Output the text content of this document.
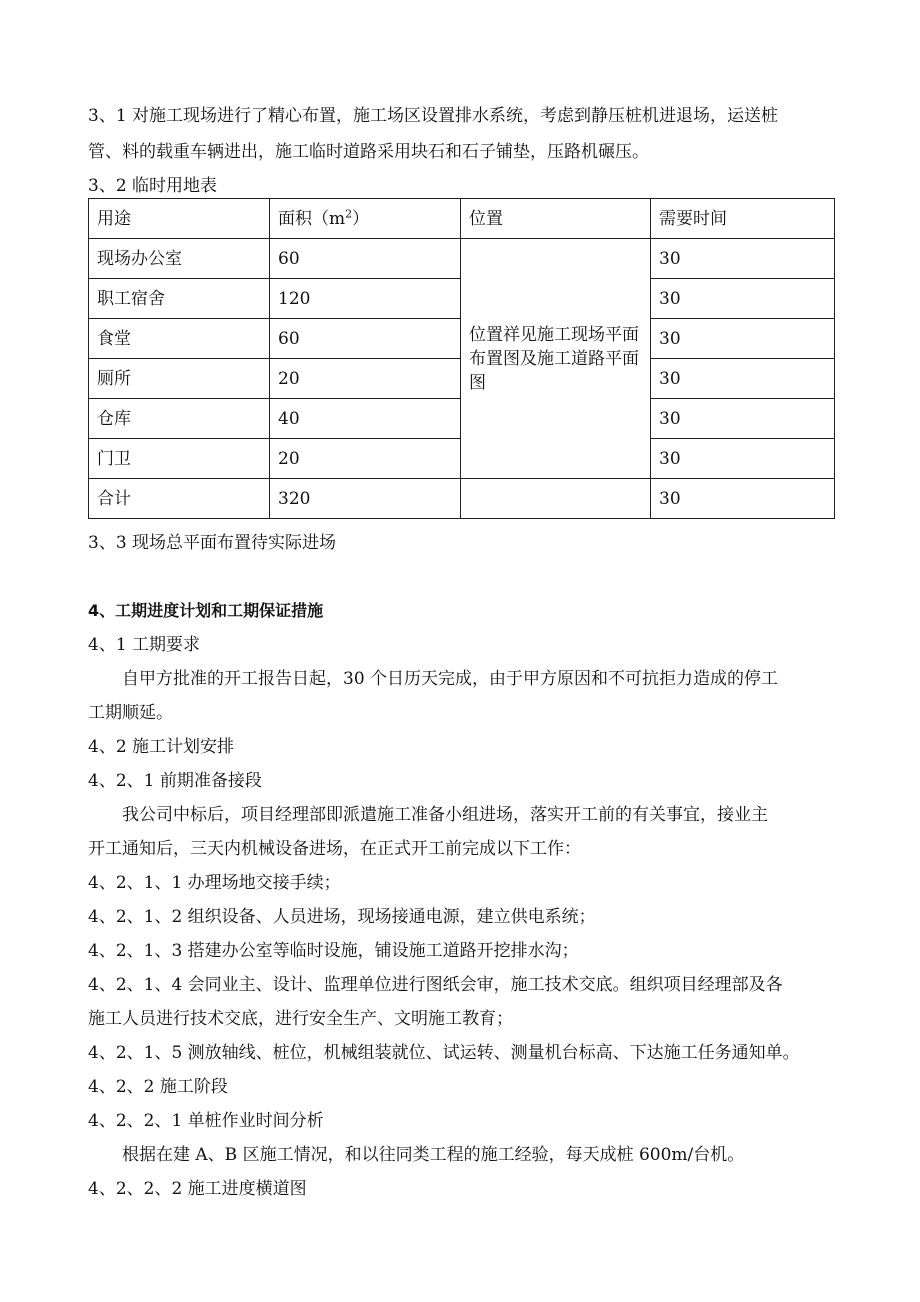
3、1 对施工现场进行了精心布置，施工场区设置排水系统，考虑到静压桩机进退场，运送桩

管、料的载重车辆进出，施工临时道路采用块石和石子铺垫，压路机碾压。

3、2 临时用地表

用途	面积$(m^2)$	位置	需要时间
现场办公室	60	位置祥见施工现场平面布置图及施工道路平面图	30
职工宿舍	120		30
食堂	60		30
厕所	20		30
仓库	40		30
门卫	20		30
合计	320		30

3、3 现场总平面布置待实际进场

4、工期进度计划和工期保证措施

4、1 工期要求

自甲方批准的开工报告日起，30 个日历天完成，由于甲方原因和不可抗拒力造成的停工

工期顺延。

4、2 施工计划安排

4、2、1 前期准备接段

我公司中标后，项目经理部即派遣施工准备小组进场，落实开工前的有关事宜，接业主

开工通知后，三天内机械设备进场，在正式开工前完成以下工作：

4、2、1、1 办理场地交接手续；

4、2、1、2 组织设备、人员进场，现场接通电源，建立供电系统；

4、2、1、3 搭建办公室等临时设施，铺设施工道路开挖排水沟；

4、2、1、4 会同业主、设计、监理单位进行图纸会审，施工技术交底。组织项目经理部及各

施工人员进行技术交底，进行安全生产、文明施工教育；

4、2、1、5 测放轴线、桩位，机械组装就位、试运转、测量机台标高、下达施工任务通知单。

4、2、2 施工阶段

4、2、2、1 单桩作业时间分析

根据在建 A、B 区施工情况，和以往同类工程的施工经验，每天成桩 600m/台机。

4、2、2、2 施工进度横道图
